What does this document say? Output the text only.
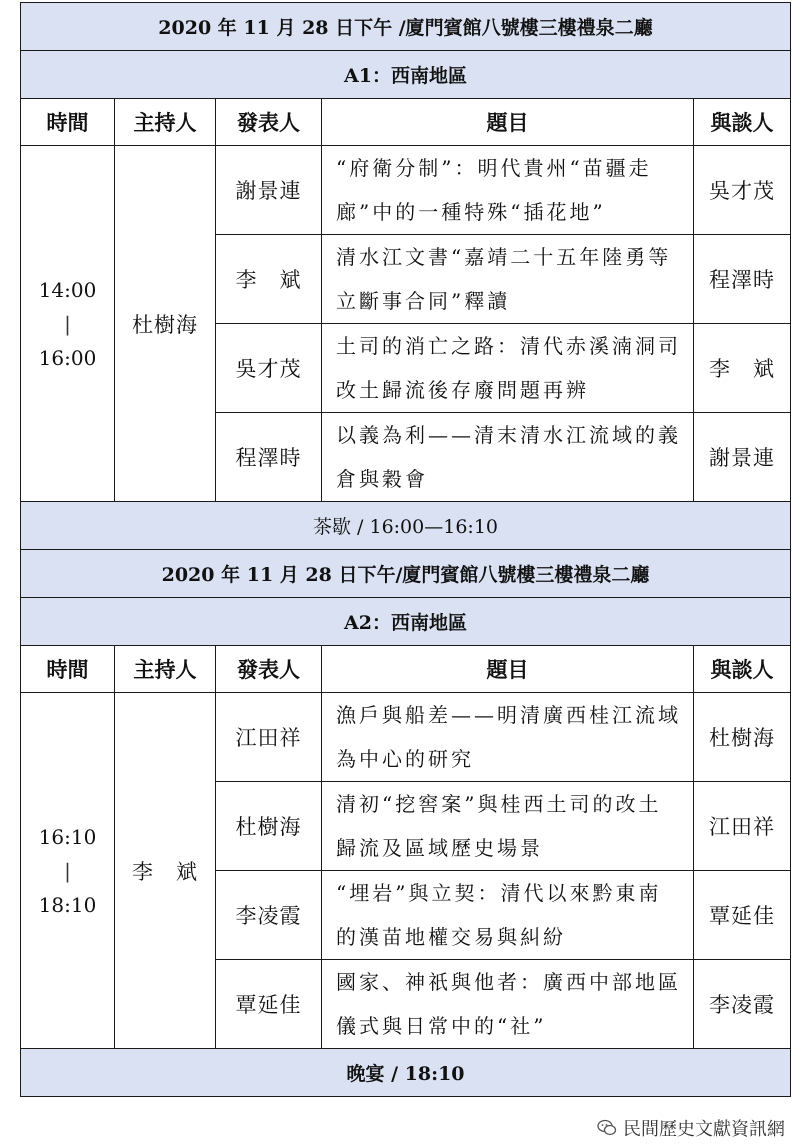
2020 年 11 月 28 日下午 /廈門賓館八號樓三樓禮泉二廳				
A1：西南地區				
時間	主持人	發表人	題目	與談人
14:00
|
16:00	杜樹海	謝景連	“府衛分制”：明代貴州“苗疆走廊”中的一種特殊“插花地”	吳才茂
		李　斌	清水江文書“嘉靖二十五年陸勇等立斷事合同”釋讀	程澤時
		吳才茂	土司的消亡之路：清代赤溪湳洞司改土歸流後存廢問題再辨	李　斌
		程澤時	以義為利——清末清水江流域的義倉與穀會	謝景連
茶歇 / 16:00—16:10				
2020 年 11 月 28 日下午/廈門賓館八號樓三樓禮泉二廳				
A2：西南地區				
時間	主持人	發表人	題目	與談人
16:10
|
18:10	李　斌	江田祥	漁戶與船差——明清廣西桂江流域為中心的研究	杜樹海
		杜樹海	清初“挖窖案”與桂西土司的改土歸流及區域歷史場景	江田祥
		李凌霞	“埋岩”與立契：清代以來黔東南的漢苗地權交易與糾紛	覃延佳
		覃延佳	國家、神祇與他者：廣西中部地區儀式與日常中的“社”	李凌霞
晚宴 / 18:10				
民間歷史文獻資訊網
